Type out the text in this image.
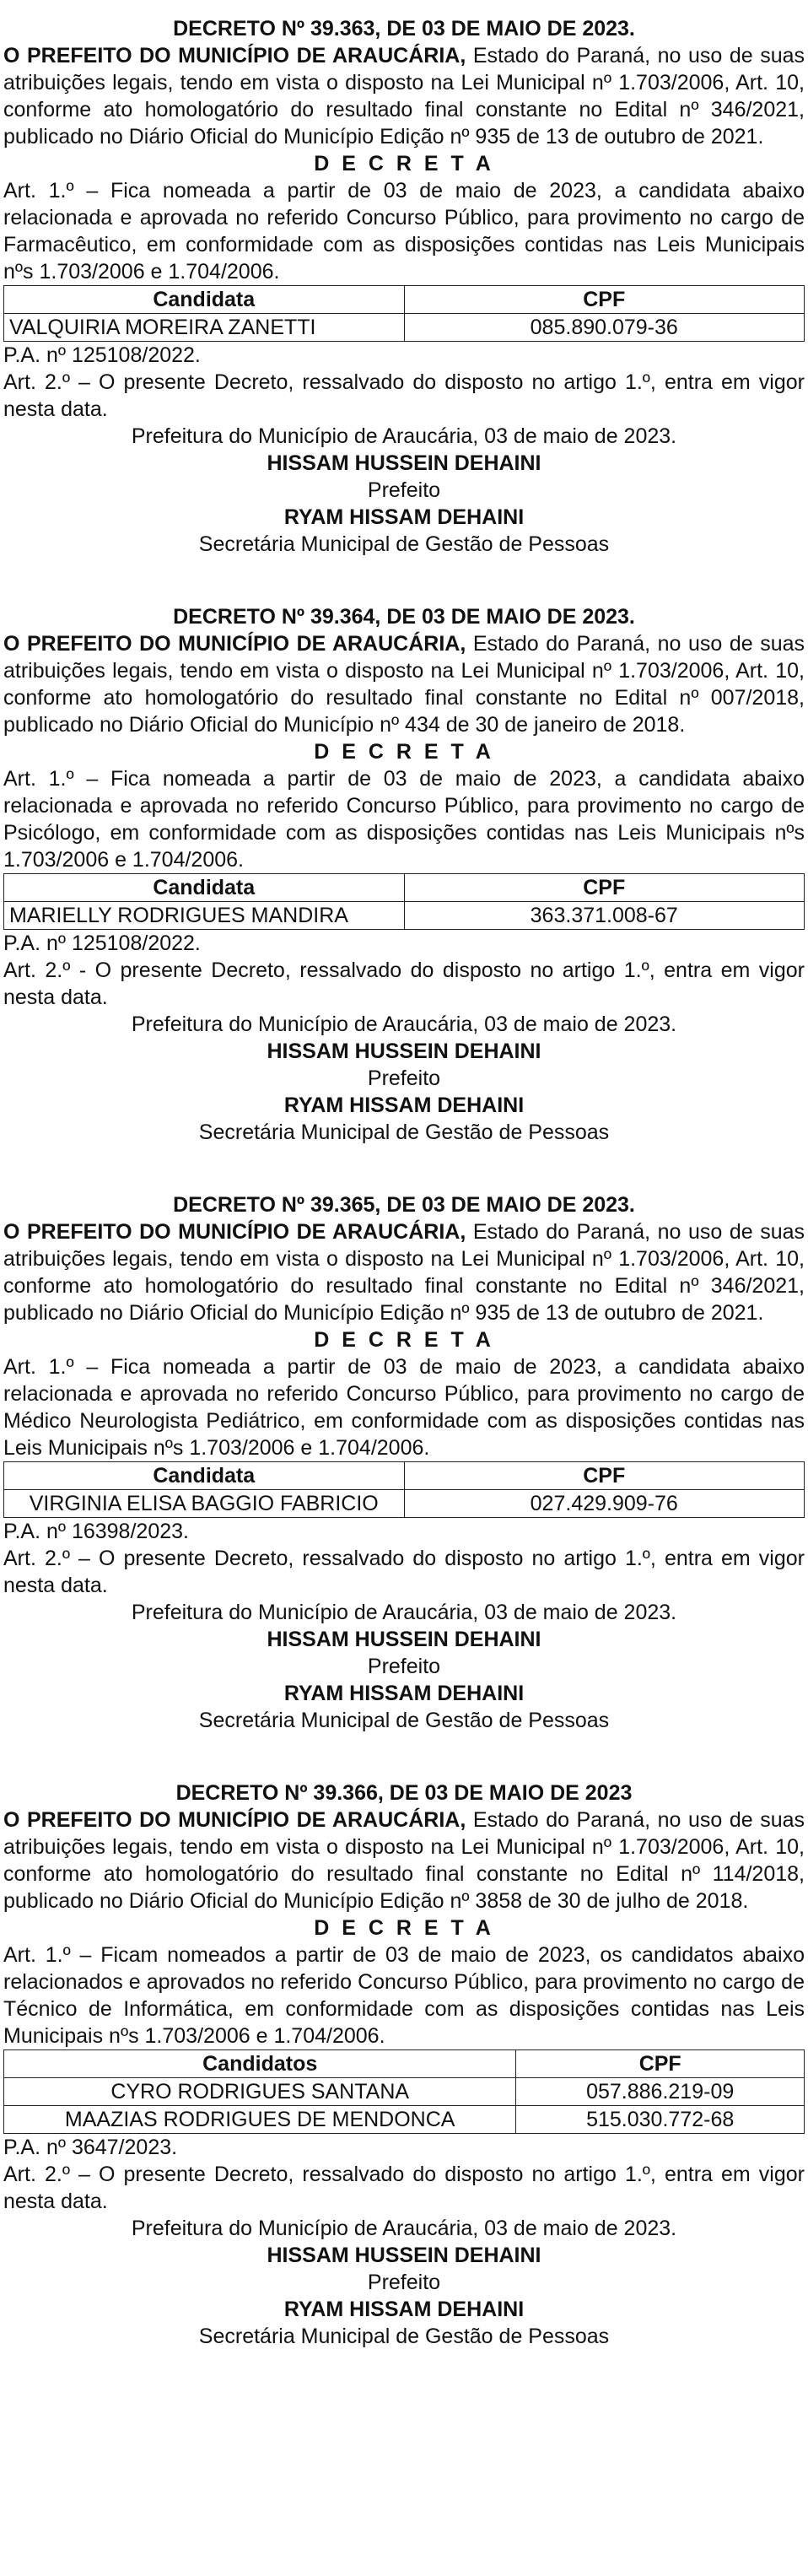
DECRETO Nº 39.363, DE 03 DE MAIO DE 2023.
O PREFEITO DO MUNICÍPIO DE ARAUCÁRIA, Estado do Paraná, no uso de suas atribuições legais, tendo em vista o disposto na Lei Municipal nº 1.703/2006, Art. 10, conforme ato homologatório do resultado final constante no Edital nº 346/2021, publicado no Diário Oficial do Município Edição nº 935 de 13 de outubro de 2021.
D E C R E T A
Art. 1.º – Fica nomeada a partir de 03 de maio de 2023, a candidata abaixo relacionada e aprovada no referido Concurso Público, para provimento no cargo de Farmacêutico, em conformidade com as disposições contidas nas Leis Municipais nºs 1.703/2006 e 1.704/2006.
Candidata	CPF
VALQUIRIA MOREIRA ZANETTI	085.890.079-36
P.A. nº 125108/2022.
Art. 2.º – O presente Decreto, ressalvado do disposto no artigo 1.º, entra em vigor nesta data.
Prefeitura do Município de Araucária, 03 de maio de 2023.
HISSAM HUSSEIN DEHAINI
Prefeito
RYAM HISSAM DEHAINI
Secretária Municipal de Gestão de Pessoas
DECRETO Nº 39.364, DE 03 DE MAIO DE 2023.
O PREFEITO DO MUNICÍPIO DE ARAUCÁRIA, Estado do Paraná, no uso de suas atribuições legais, tendo em vista o disposto na Lei Municipal nº 1.703/2006, Art. 10, conforme ato homologatório do resultado final constante no Edital nº 007/2018, publicado no Diário Oficial do Município nº 434 de 30 de janeiro de 2018.
D E C R E T A
Art. 1.º – Fica nomeada a partir de 03 de maio de 2023, a candidata abaixo relacionada e aprovada no referido Concurso Público, para provimento no cargo de Psicólogo, em conformidade com as disposições contidas nas Leis Municipais nºs 1.703/2006 e 1.704/2006.
Candidata	CPF
MARIELLY RODRIGUES MANDIRA	363.371.008-67
P.A. nº 125108/2022.
Art. 2.º - O presente Decreto, ressalvado do disposto no artigo 1.º, entra em vigor nesta data.
Prefeitura do Município de Araucária, 03 de maio de 2023.
HISSAM HUSSEIN DEHAINI
Prefeito
RYAM HISSAM DEHAINI
Secretária Municipal de Gestão de Pessoas
DECRETO Nº 39.365, DE 03 DE MAIO DE 2023.
O PREFEITO DO MUNICÍPIO DE ARAUCÁRIA, Estado do Paraná, no uso de suas atribuições legais, tendo em vista o disposto na Lei Municipal nº 1.703/2006, Art. 10, conforme ato homologatório do resultado final constante no Edital nº 346/2021, publicado no Diário Oficial do Município Edição nº 935 de 13 de outubro de 2021.
D E C R E T A
Art. 1.º – Fica nomeada a partir de 03 de maio de 2023, a candidata abaixo relacionada e aprovada no referido Concurso Público, para provimento no cargo de Médico Neurologista Pediátrico, em conformidade com as disposições contidas nas Leis Municipais nºs 1.703/2006 e 1.704/2006.
Candidata	CPF
VIRGINIA ELISA BAGGIO FABRICIO	027.429.909-76
P.A. nº 16398/2023.
Art. 2.º – O presente Decreto, ressalvado do disposto no artigo 1.º, entra em vigor nesta data.
Prefeitura do Município de Araucária, 03 de maio de 2023.
HISSAM HUSSEIN DEHAINI
Prefeito
RYAM HISSAM DEHAINI
Secretária Municipal de Gestão de Pessoas
DECRETO Nº 39.366, DE 03 DE MAIO DE 2023
O PREFEITO DO MUNICÍPIO DE ARAUCÁRIA, Estado do Paraná, no uso de suas atribuições legais, tendo em vista o disposto na Lei Municipal nº 1.703/2006, Art. 10, conforme ato homologatório do resultado final constante no Edital nº 114/2018, publicado no Diário Oficial do Município Edição nº 3858 de 30 de julho de 2018.
D E C R E T A
Art. 1.º – Ficam nomeados a partir de 03 de maio de 2023, os candidatos abaixo relacionados e aprovados no referido Concurso Público, para provimento no cargo de Técnico de Informática, em conformidade com as disposições contidas nas Leis Municipais nºs 1.703/2006 e 1.704/2006.
Candidatos	CPF
CYRO RODRIGUES SANTANA	057.886.219-09
MAAZIAS RODRIGUES DE MENDONCA	515.030.772-68
P.A. nº 3647/2023.
Art. 2.º – O presente Decreto, ressalvado do disposto no artigo 1.º, entra em vigor nesta data.
Prefeitura do Município de Araucária, 03 de maio de 2023.
HISSAM HUSSEIN DEHAINI
Prefeito
RYAM HISSAM DEHAINI
Secretária Municipal de Gestão de Pessoas
